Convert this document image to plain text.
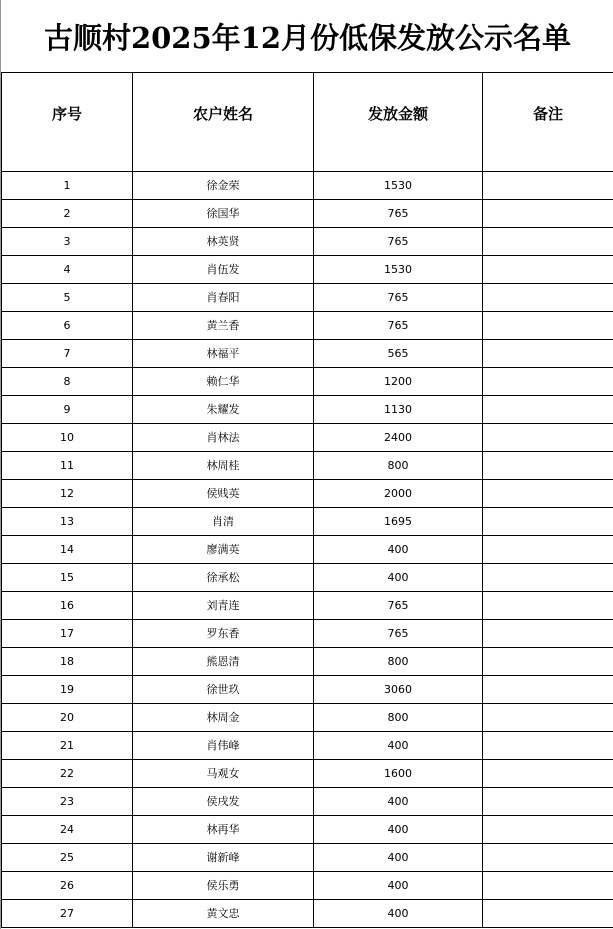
古顺村2025年12月份低保发放公示名单
序号	农户姓名	发放金额	备注
1	徐金荣	1530	
2	徐国华	765	
3	林英贤	765	
4	肖伍发	1530	
5	肖春阳	765	
6	黄兰香	765	
7	林福平	565	
8	赖仁华	1200	
9	朱耀发	1130	
10	肖林法	2400	
11	林周桂	800	
12	侯贱英	2000	
13	肖清	1695	
14	廖满英	400	
15	徐承松	400	
16	刘青连	765	
17	罗东香	765	
18	熊恩清	800	
19	徐世玖	3060	
20	林周金	800	
21	肖伟峰	400	
22	马观女	1600	
23	侯戌发	400	
24	林再华	400	
25	谢新峰	400	
26	侯乐勇	400	
27	黄文忠	400	
